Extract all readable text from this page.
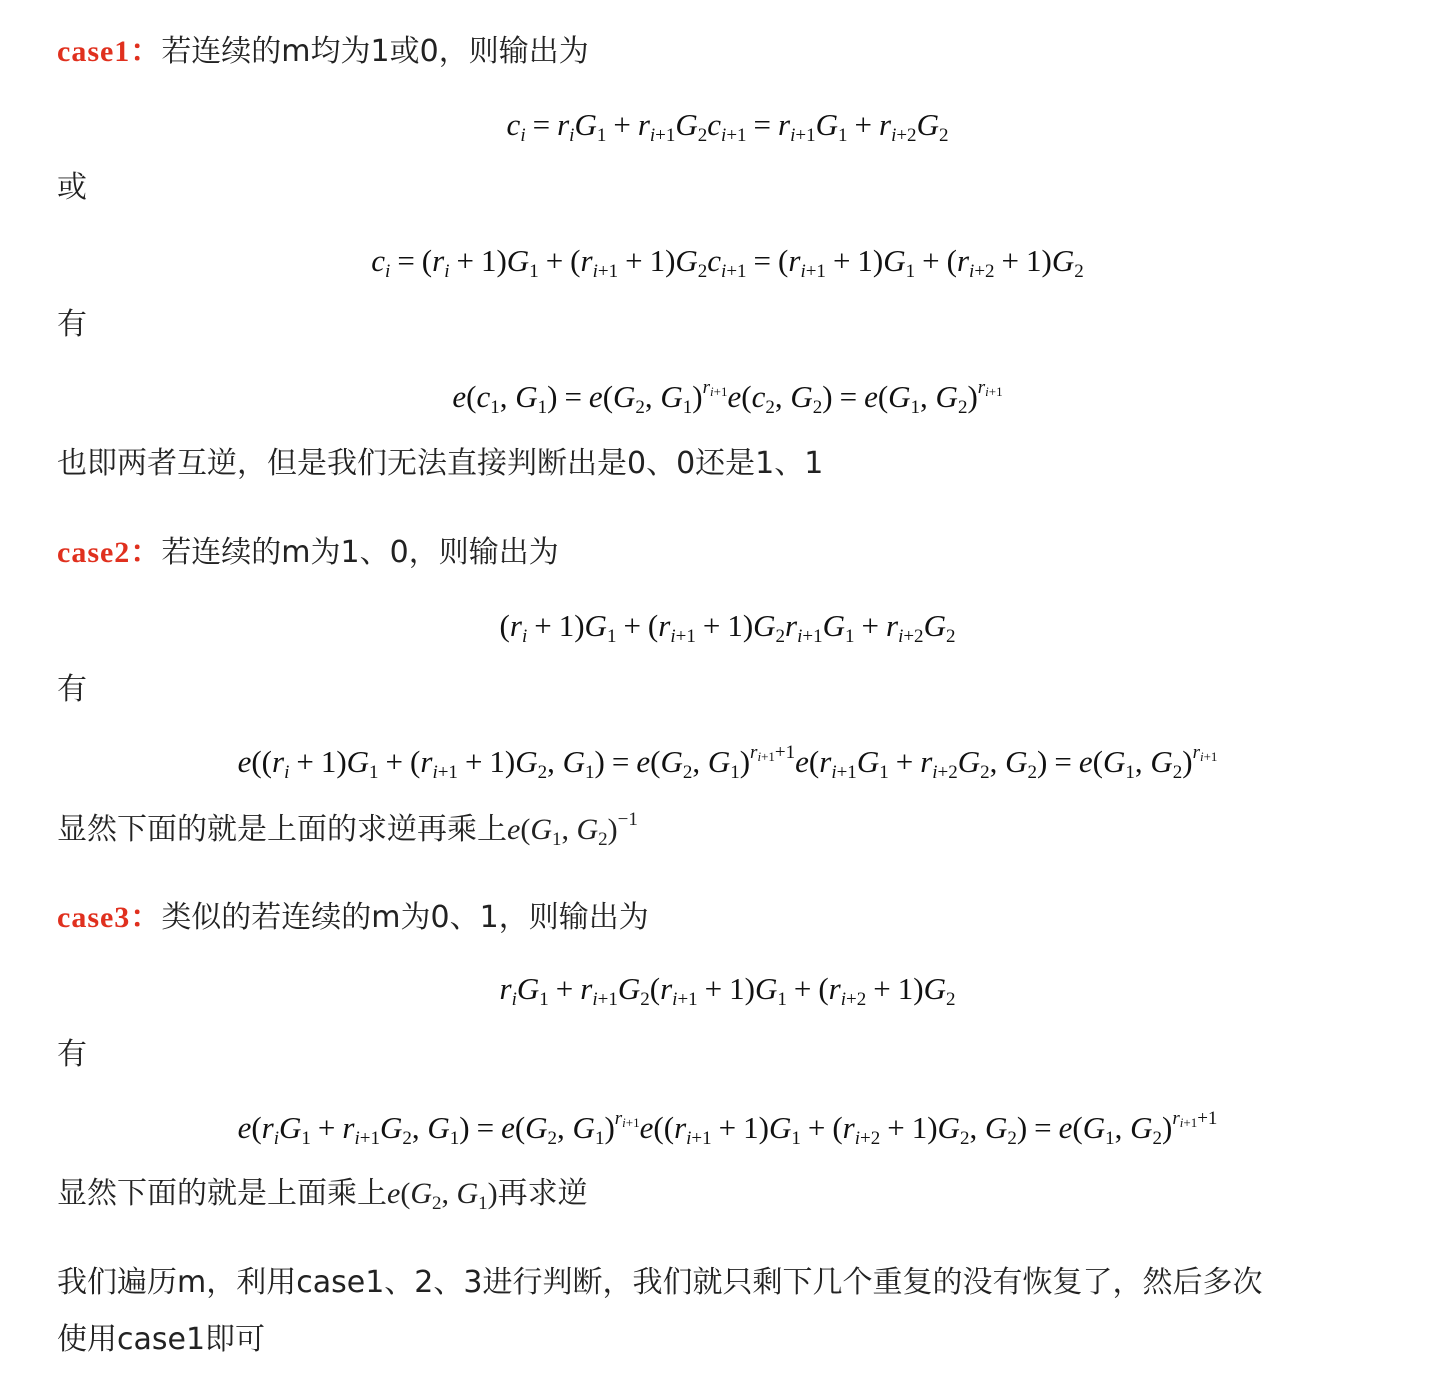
case1：若连续的m均为1或0，则输出为
$c_i = r_iG_1 + r_{i+1}G_2c_{i+1} = r_{i+1}G_1 + r_{i+2}G_2$
或
$c_i = (r_i + 1)G_1 + (r_{i+1} + 1)G_2c_{i+1} = (r_{i+1} + 1)G_1 + (r_{i+2} + 1)G_2$
有
$e(c_1$, $G_1) = e(G_2$, $G_1)^{r_{i+1}}e(c_2$, $G_2) = e(G_1$, $G_2)^{r_{i+1}}$
也即两者互逆，但是我们无法直接判断出是0、0还是1、1
case2：若连续的m为1、0，则输出为
$(r_i + 1)G_1 + (r_{i+1} + 1)G_2r_{i+1}G_1 + r_{i+2}G_2$
有
$e((r_i + 1)G_1 + (r_{i+1} + 1)G_2$, $G_1) = e(G_2$, $G_1)^{r_{i+1}+1}e(r_{i+1}G_1 + r_{i+2}G_2$, $G_2) = e(G_1$, $G_2)^{r_{i+1}}$
显然下面的就是上面的求逆再乘上$e(G_1$, $G_2)^{-1}$
case3：类似的若连续的m为0、1，则输出为
$r_iG_1 + r_{i+1}G_2(r_{i+1} + 1)G_1 + (r_{i+2} + 1)G_2$
有
$e(r_iG_1 + r_{i+1}G_2$, $G_1) = e(G_2$, $G_1)^{r_{i+1}}e((r_{i+1} + 1)G_1 + (r_{i+2} + 1)G_2$, $G_2) = e(G_1$, $G_2)^{r_{i+1}+1}$
显然下面的就是上面乘上$e(G_2$, $G_1$)再求逆
我们遍历m，利用case1、2、3进行判断，我们就只剩下几个重复的没有恢复了，然后多次
使用case1即可
